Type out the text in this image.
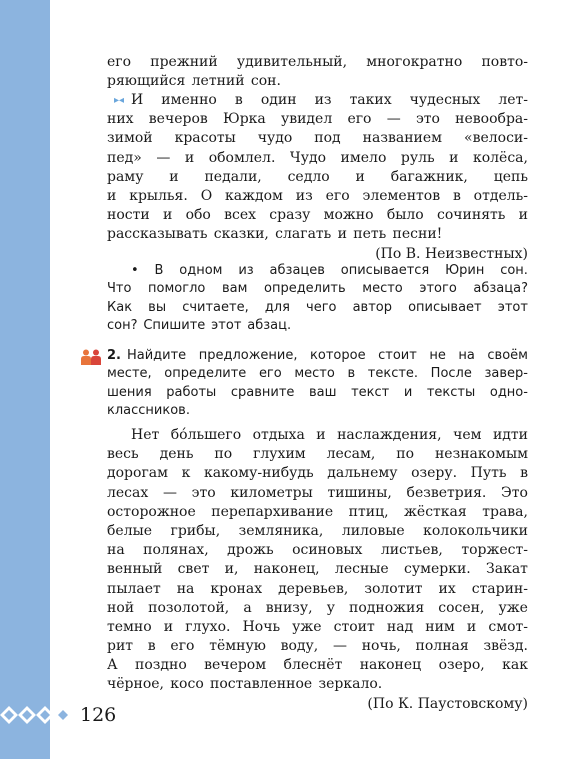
его прежний удивительный, многократно повто-
ряющийся летний сон.
▸◂ И именно в один из таких чудесных лет-
них вечеров Юрка увидел его — это невообра-
зимой красоты чудо под названием «велоси-
пед» — и обомлел. Чудо имело руль и колёса,
раму и педали, седло и багажник, цепь
и крылья. О каждом из его элементов в отдель-
ности и обо всех сразу можно было сочинять и
рассказывать сказки, слагать и петь песни!
(По В. Неизвестных)
• В одном из абзацев описывается Юрин сон.
Что помогло вам определить место этого абзаца?
Как вы считаете, для чего автор описывает этот
сон? Спишите этот абзац.
2. Найдите предложение, которое стоит не на своём
месте, определите его место в тексте. После завер-
шения работы сравните ваш текст и тексты одно-
классников.
Нет бóльшего отдыха и наслаждения, чем идти
весь день по глухим лесам, по незнакомым
дорогам к какому-нибудь дальнему озеру. Путь в
лесах — это километры тишины, безветрия. Это
осторожное перепархивание птиц, жёсткая трава,
белые грибы, земляника, лиловые колокольчики
на полянах, дрожь осиновых листьев, торжест-
венный свет и, наконец, лесные сумерки. Закат
пылает на кронах деревьев, золотит их старин-
ной позолотой, а внизу, у подножия сосен, уже
темно и глухо. Ночь уже стоит над ним и смот-
рит в его тёмную воду, — ночь, полная звёзд.
А поздно вечером блеснёт наконец озеро, как
чёрное, косо поставленное зеркало.
(По К. Паустовскому)
126
